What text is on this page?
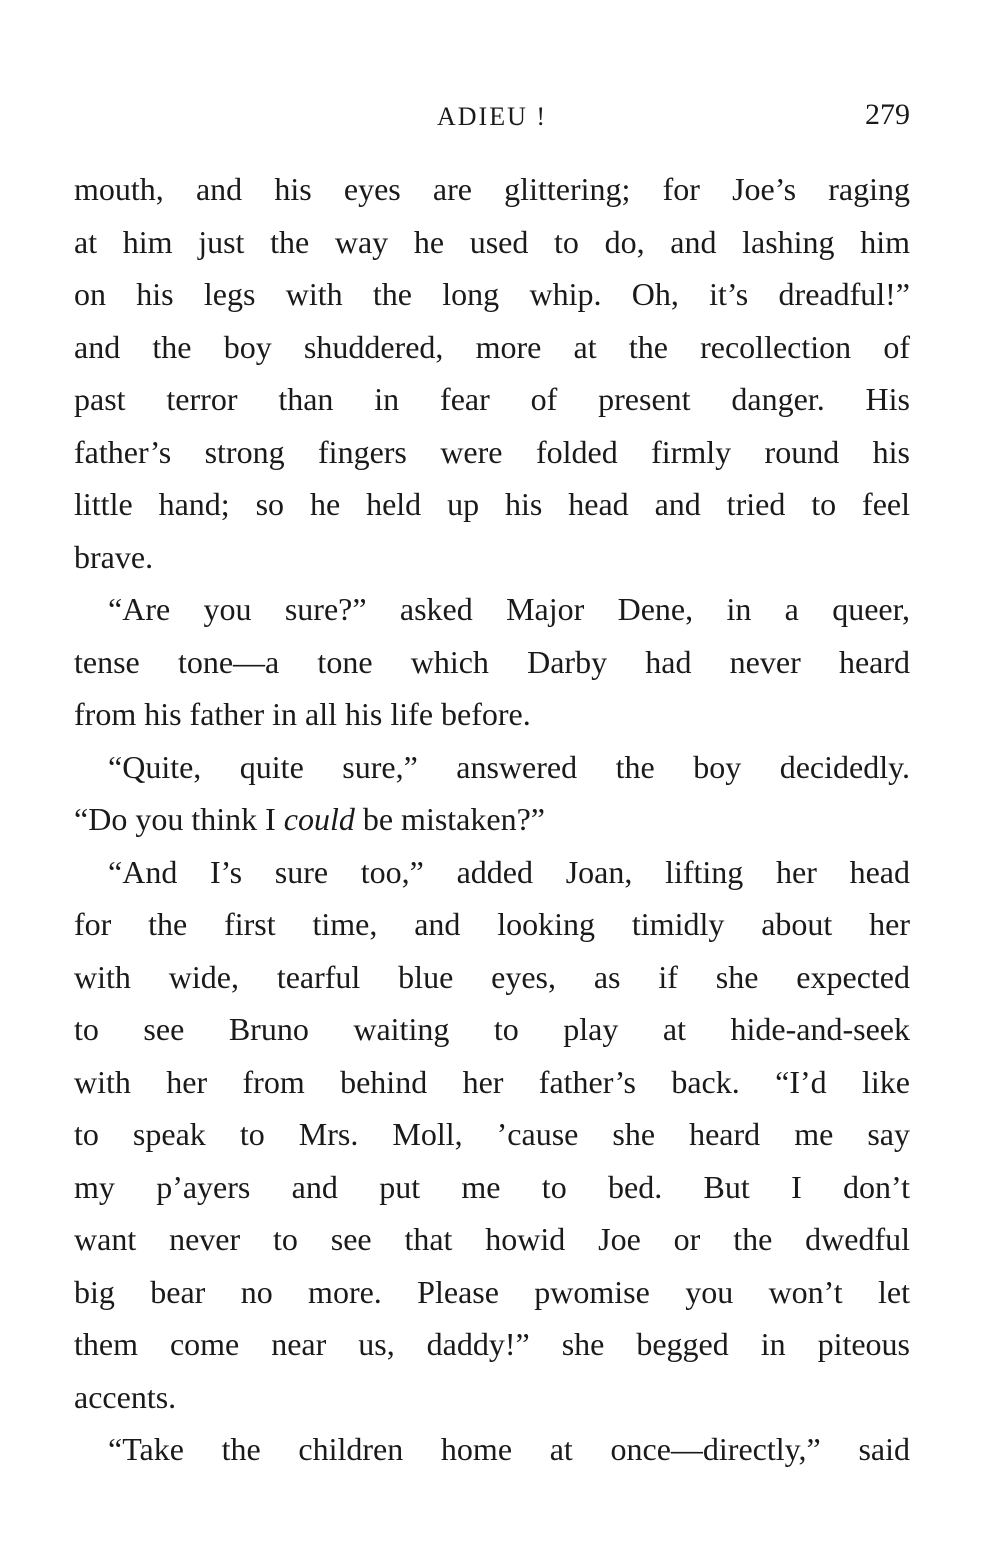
ADIEU !	279
mouth, and his eyes are glittering; for Joe’s raging
at him just the way he used to do, and lashing him
on his legs with the long whip. Oh, it’s dreadful!”
and the boy shuddered, more at the recollection of
past terror than in fear of present danger. His
father’s strong fingers were folded firmly round his
little hand; so he held up his head and tried to feel
brave.
“Are you sure?” asked Major Dene, in a queer,
tense tone—a tone which Darby had never heard
from his father in all his life before.
“Quite, quite sure,” answered the boy decidedly.
“Do you think I could be mistaken?”
“And I’s sure too,” added Joan, lifting her head
for the first time, and looking timidly about her
with wide, tearful blue eyes, as if she expected
to see Bruno waiting to play at hide-and-seek
with her from behind her father’s back. “I’d like
to speak to Mrs. Moll, ’cause she heard me say
my p’ayers and put me to bed. But I don’t
want never to see that howid Joe or the dwedful
big bear no more. Please pwomise you won’t let
them come near us, daddy!” she begged in piteous
accents.
“Take the children home at once—directly,” said
